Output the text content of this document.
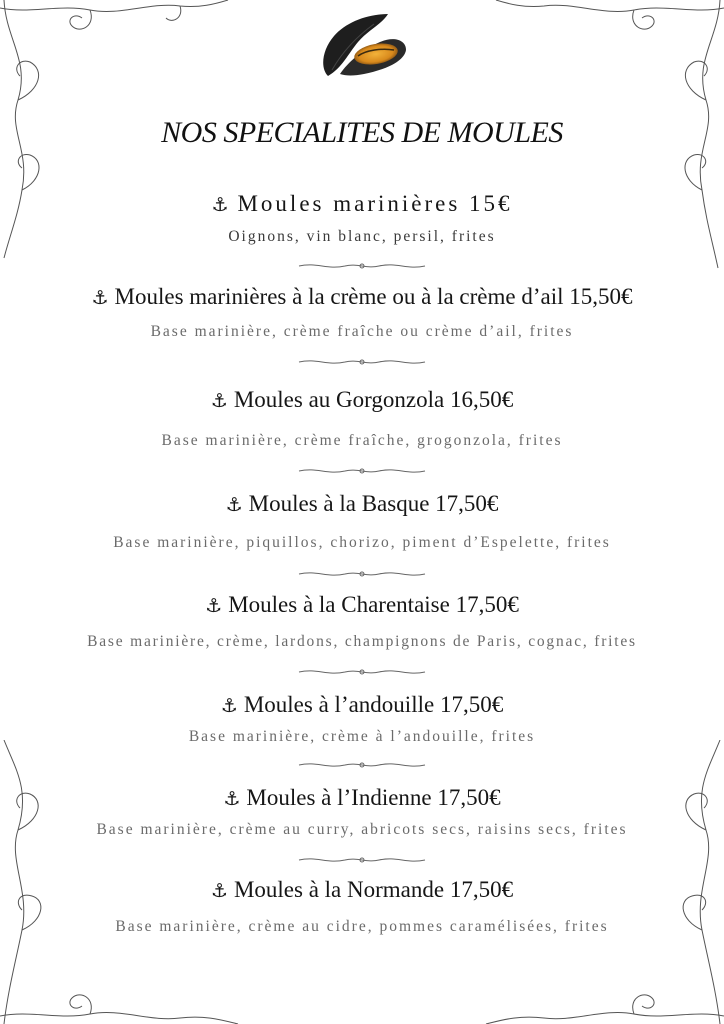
NOS SPECIALITES DE MOULES
⚓ Moules marinières 15€
Oignons, vin blanc, persil, frites
⚓ Moules marinières à la crème ou à la crème d’ail 15,50€
Base marinière, crème fraîche ou crème d’ail, frites
⚓ Moules au Gorgonzola 16,50€
Base marinière, crème fraîche, grogonzola, frites
⚓ Moules à la Basque 17,50€
Base marinière, piquillos, chorizo, piment d’Espelette, frites
⚓ Moules à la Charentaise 17,50€
Base marinière, crème, lardons, champignons de Paris, cognac, frites
⚓ Moules à l’andouille 17,50€
Base marinière, crème à l’andouille, frites
⚓ Moules à l’Indienne 17,50€
Base marinière, crème au curry, abricots secs, raisins secs, frites
⚓ Moules à la Normande 17,50€
Base marinière, crème au cidre, pommes caramélisées, frites
